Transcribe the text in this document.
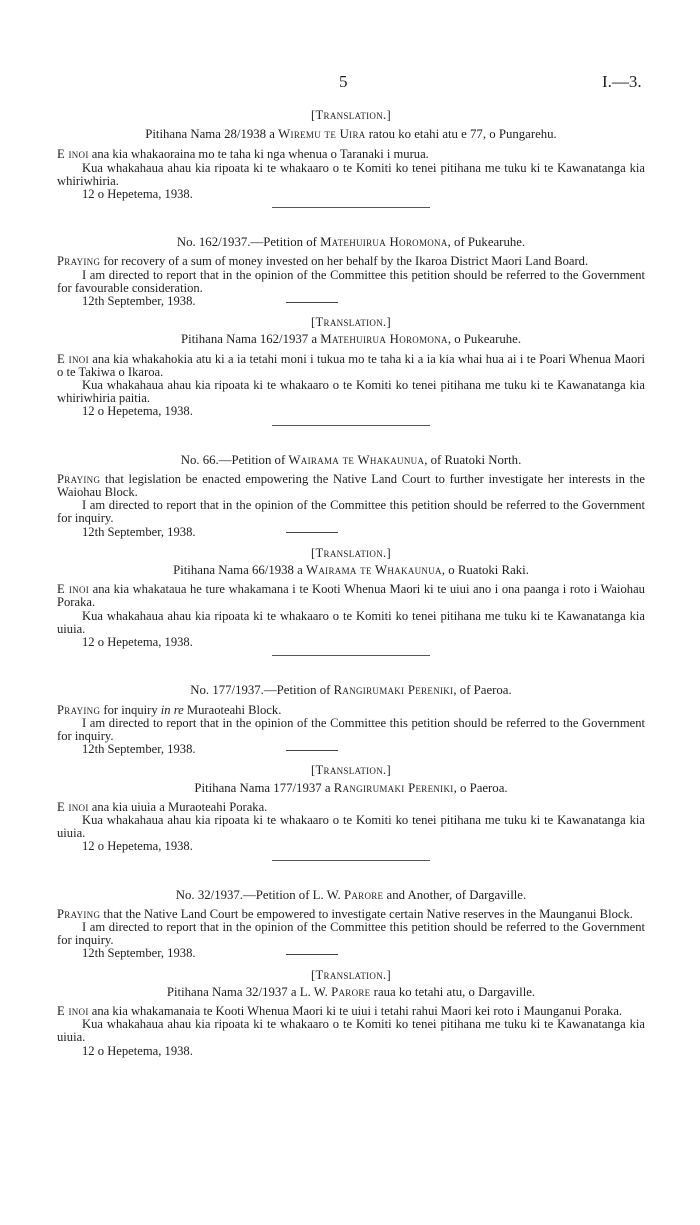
5	I.—3.
[Translation.]
Pitihana Nama 28/1938 a Wiremu te Uira ratou ko etahi atu e 77, o Pungarehu.
E inoi ana kia whakaoraina mo te taha ki nga whenua o Taranaki i murua.
Kua whakahaua ahau kia ripoata ki te whakaaro o te Komiti ko tenei pitihana me tuku ki te Kawanatanga kia whiriwhiria.
12 o Hepetema, 1938.
No. 162/1937.—Petition of Matehuirua Horomona, of Pukearuhe.
Praying for recovery of a sum of money invested on her behalf by the Ikaroa District Maori Land Board.
I am directed to report that in the opinion of the Committee this petition should be referred to the Government for favourable consideration.
12th September, 1938.
[Translation.]
Pitihana Nama 162/1937 a Matehuirua Horomona, o Pukearuhe.
E inoi ana kia whakahokia atu ki a ia tetahi moni i tukua mo te taha ki a ia kia whai hua ai i te Poari Whenua Maori o te Takiwa o Ikaroa.
Kua whakahaua ahau kia ripoata ki te whakaaro o te Komiti ko tenei pitihana me tuku ki te Kawanatanga kia whiriwhiria paitia.
12 o Hepetema, 1938.
No. 66.—Petition of Wairama te Whakaunua, of Ruatoki North.
Praying that legislation be enacted empowering the Native Land Court to further investigate her interests in the Waiohau Block.
I am directed to report that in the opinion of the Committee this petition should be referred to the Government for inquiry.
12th September, 1938.
[Translation.]
Pitihana Nama 66/1938 a Wairama te Whakaunua, o Ruatoki Raki.
E inoi ana kia whakataua he ture whakamana i te Kooti Whenua Maori ki te uiui ano i ona paanga i roto i Waiohau Poraka.
Kua whakahaua ahau kia ripoata ki te whakaaro o te Komiti ko tenei pitihana me tuku ki te Kawanatanga kia uiuia.
12 o Hepetema, 1938.
No. 177/1937.—Petition of Rangirumaki Pereniki, of Paeroa.
Praying for inquiry in re Muraoteahi Block.
I am directed to report that in the opinion of the Committee this petition should be referred to the Government for inquiry.
12th September, 1938.
[Translation.]
Pitihana Nama 177/1937 a Rangirumaki Pereniki, o Paeroa.
E inoi ana kia uiuia a Muraoteahi Poraka.
Kua whakahaua ahau kia ripoata ki te whakaaro o te Komiti ko tenei pitihana me tuku ki te Kawanatanga kia uiuia.
12 o Hepetema, 1938.
No. 32/1937.—Petition of L. W. Parore and Another, of Dargaville.
Praying that the Native Land Court be empowered to investigate certain Native reserves in the Maunganui Block.
I am directed to report that in the opinion of the Committee this petition should be referred to the Government for inquiry.
12th September, 1938.
[Translation.]
Pitihana Nama 32/1937 a L. W. Parore raua ko tetahi atu, o Dargaville.
E inoi ana kia whakamanaia te Kooti Whenua Maori ki te uiui i tetahi rahui Maori kei roto i Maunganui Poraka.
Kua whakahaua ahau kia ripoata ki te whakaaro o te Komiti ko tenei pitihana me tuku ki te Kawanatanga kia uiuia.
12 o Hepetema, 1938.
